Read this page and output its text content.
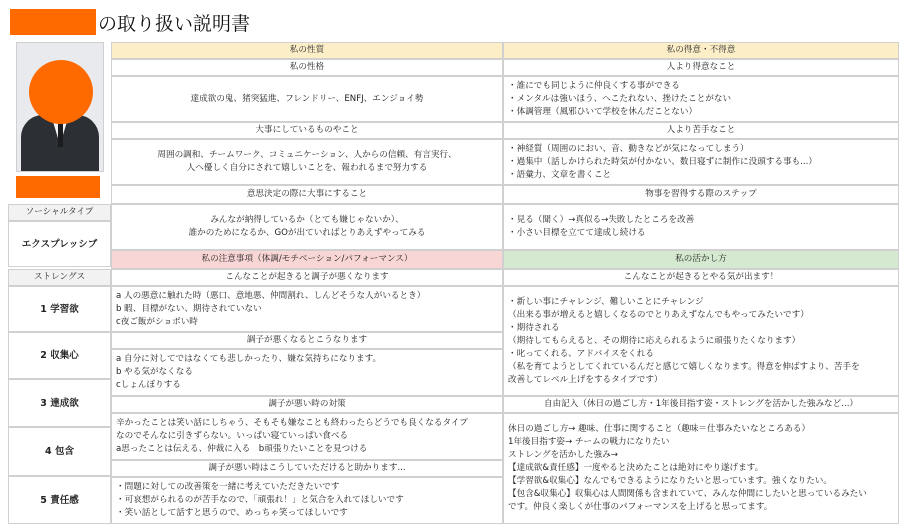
の取り扱い説明書
ソーシャルタイプ
エクスプレッシブ
ストレングス
1 学習欲
2 収集心
3 達成欲
4 包含
5 責任感
私の性質
私の性格
達成欲の鬼、猪突猛進、フレンドリー、ENFJ、エンジョイ勢
大事にしているものやこと
周囲の調和、チームワーク、コミュニケーション、人からの信頼、有言実行、
人へ優しく自分にされて嬉しいことを、報われるまで努力する
意思決定の際に大事にすること
みんなが納得しているか（とても嫌じゃないか）、
誰かのためになるか、GOが出ていればとりあえずやってみる
私の得意・不得意
人より得意なこと
・誰にでも同じように仲良くする事ができる
・メンタルは強いほう、へこたれない、挫けたことがない
・体調管理（風邪ひいて学校を休んだことない）
人より苦手なこと
・神経質（周囲のにおい、音、動きなどが気になってしまう）
・過集中（話しかけられた時気が付かない、数日寝ずに制作に没頭する事も...）
・語彙力、文章を書くこと
物事を習得する際のステップ
・見る（聞く）→真似る→失敗したところを改善
・小さい目標を立てて達成し続ける
私の注意事項（体調/モチベーション/パフォーマンス）
こんなことが起きると調子が悪くなります
a 人の悪意に触れた時（悪口、意地悪、仲間割れ、しんどそうな人がいるとき）
b 暇、目標がない、期待されていない
c夜ご飯がショボい時
調子が悪くなるとこうなります
a 自分に対してではなくても悲しかったり、嫌な気持ちになります。
b やる気がなくなる
cしょんぼりする
調子が悪い時の対策
辛かったことは笑い話にしちゃう、そもそも嫌なことも終わったらどうでも良くなるタイプ
なのでそんなに引きずらない。いっぱい寝ていっぱい食べる
a思ったことは伝える、仲裁に入る　b頑張りたいことを見つける
調子が悪い時はこうしていただけると助かります...
・問題に対しての改善策を一緒に考えていただきたいです
・可哀想がられるのが苦手なので、「頑張れ！」と気合を入れてほしいです
・笑い話として話すと思うので、めっちゃ笑ってほしいです
私の活かし方
こんなことが起きるとやる気が出ます！
・新しい事にチャレンジ、難しいことにチャレンジ
（出来る事が増えると嬉しくなるのでとりあえずなんでもやってみたいです）
・期待される
（期待してもらえると、その期待に応えられるように頑張りたくなります）
・叱ってくれる、アドバイスをくれる
（私を育てようとしてくれているんだと感じて嬉しくなります。得意を伸ばすより、苦手を
改善してレベル上げをするタイプです）
自由記入（休日の過ごし方・1年後目指す姿・ストレングを活かした強みなど...）
休日の過ごし方→ 趣味、仕事に関すること（趣味＝仕事みたいなところある）
1年後目指す姿→ チームの戦力になりたい
ストレングを活かした強み→
【達成欲&責任感】一度やると決めたことは絶対にやり遂げます。
【学習欲&収集心】なんでもできるようになりたいと思っています。強くなりたい。
【包含&収集心】収集心は人間関係も含まれていて、みんな仲間にしたいと思っているみたい
です。仲良く楽しくが仕事のパフォーマンスを上げると思ってます。
